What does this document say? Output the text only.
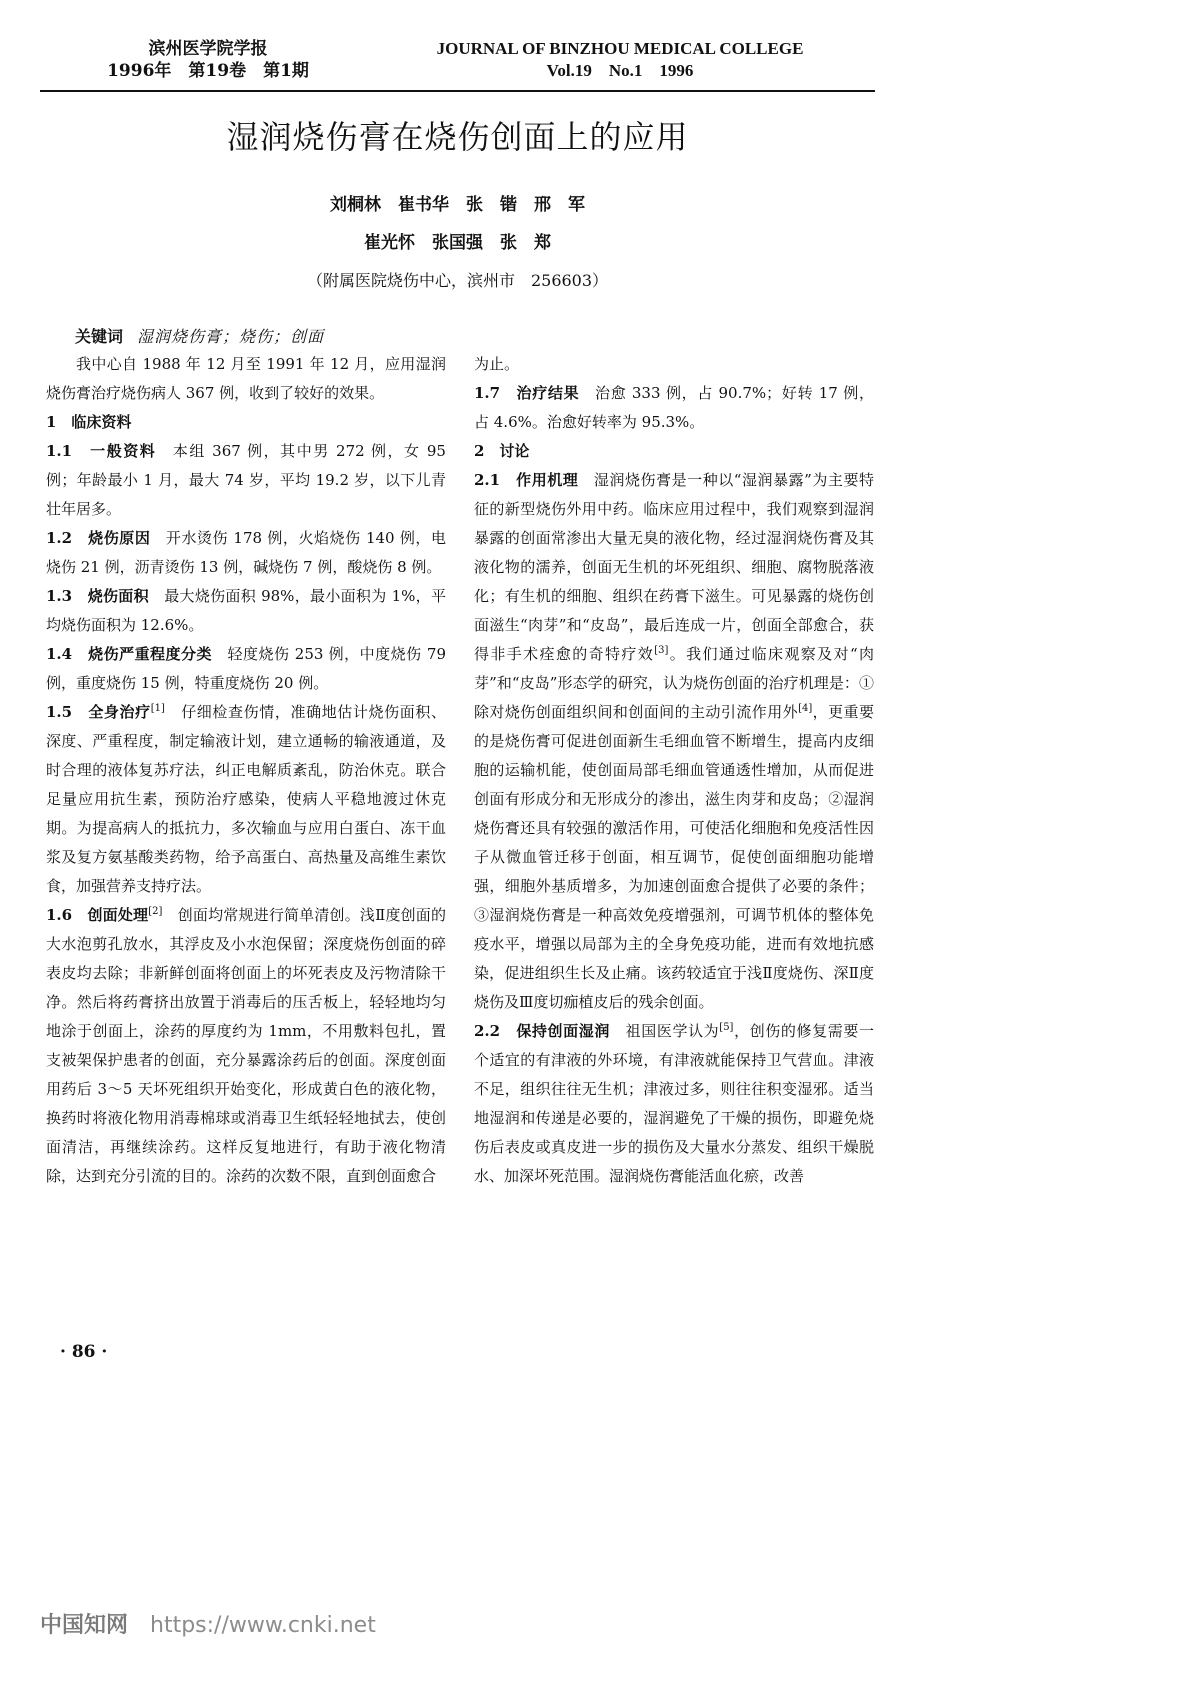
滨州医学院学报
1996年　第19卷　第1期
JOURNAL OF BINZHOU MEDICAL COLLEGE
Vol.19　No.1　1996
湿润烧伤膏在烧伤创面上的应用
刘桐林　崔书华　张　锴　邢　军
崔光怀　张国强　张　郑
（附属医院烧伤中心，滨州市　256603）
关键词 湿润烧伤膏；烧伤；创面

我中心自 1988 年 12 月至 1991 年 12 月，应用湿润烧伤膏治疗烧伤病人 367 例，收到了较好的效果。

1　临床资料

1.1　一般资料　 本组 367 例，其中男 272 例，女 95 例；年龄最小 1 月，最大 74 岁，平均 19.2 岁，以下儿青壮年居多。

1.2　烧伤原因　 开水烫伤 178 例，火焰烧伤 140 例，电烧伤 21 例，沥青烫伤 13 例，碱烧伤 7 例，酸烧伤 8 例。

1.3　烧伤面积　 最大烧伤面积 98%，最小面积为 1%，平均烧伤面积为 12.6%。

1.4　烧伤严重程度分类　 轻度烧伤 253 例，中度烧伤 79 例，重度烧伤 15 例，特重度烧伤 20 例。

1.5　全身治疗[1]　 仔细检查伤情，准确地估计烧伤面积、深度、严重程度，制定输液计划，建立通畅的输液通道，及时合理的液体复苏疗法，纠正电解质紊乱，防治休克。联合足量应用抗生素，预防治疗感染，使病人平稳地渡过休克期。为提高病人的抵抗力，多次输血与应用白蛋白、冻干血浆及复方氨基酸类药物，给予高蛋白、高热量及高维生素饮食，加强营养支持疗法。

1.6　创面处理[2]　 创面均常规进行简单清创。浅Ⅱ度创面的大水泡剪孔放水，其浮皮及小水泡保留；深度烧伤创面的碎表皮均去除；非新鲜创面将创面上的坏死表皮及污物清除干净。然后将药膏挤出放置于消毒后的压舌板上，轻轻地均匀地涂于创面上，涂药的厚度约为 1mm，不用敷料包扎，置支被架保护患者的创面，充分暴露涂药后的创面。深度创面用药后 3～5 天坏死组织开始变化，形成黄白色的液化物，换药时将液化物用消毒棉球或消毒卫生纸轻轻地拭去，使创面清洁，再继续涂药。这样反复地进行，有助于液化物清除，达到充分引流的目的。涂药的次数不限，直到创面愈合

为止。

1.7　治疗结果　 治愈 333 例，占 90.7%；好转 17 例，占 4.6%。治愈好转率为 95.3%。

2　讨论

2.1　作用机理　 湿润烧伤膏是一种以“湿润暴露”为主要特征的新型烧伤外用中药。临床应用过程中，我们观察到湿润暴露的创面常渗出大量无臭的液化物，经过湿润烧伤膏及其液化物的濡养，创面无生机的坏死组织、细胞、腐物脱落液化；有生机的细胞、组织在药膏下滋生。可见暴露的烧伤创面滋生“肉芽”和“皮岛”，最后连成一片，创面全部愈合，获得非手术痊愈的奇特疗效[3]。我们通过临床观察及对“肉芽”和“皮岛”形态学的研究，认为烧伤创面的治疗机理是：①除对烧伤创面组织间和创面间的主动引流作用外[4]，更重要的是烧伤膏可促进创面新生毛细血管不断增生，提高内皮细胞的运输机能，使创面局部毛细血管通透性增加，从而促进创面有形成分和无形成分的渗出，滋生肉芽和皮岛；②湿润烧伤膏还具有较强的激活作用，可使活化细胞和免疫活性因子从微血管迁移于创面，相互调节，促使创面细胞功能增强，细胞外基质增多，为加速创面愈合提供了必要的条件；③湿润烧伤膏是一种高效免疫增强剂，可调节机体的整体免疫水平，增强以局部为主的全身免疫功能，进而有效地抗感染，促进组织生长及止痛。该药较适宜于浅Ⅱ度烧伤、深Ⅱ度烧伤及Ⅲ度切痂植皮后的残余创面。

2.2　保持创面湿润　 祖国医学认为[5]，创伤的修复需要一个适宜的有津液的外环境，有津液就能保持卫气营血。津液不足，组织往往无生机；津液过多，则往往积变湿邪。适当地湿润和传递是必要的，湿润避免了干燥的损伤，即避免烧伤后表皮或真皮进一步的损伤及大量水分蒸发、组织干燥脱水、加深坏死范围。湿润烧伤膏能活血化瘀，改善

· 86 ·
中国知网 https://www.cnki.net
